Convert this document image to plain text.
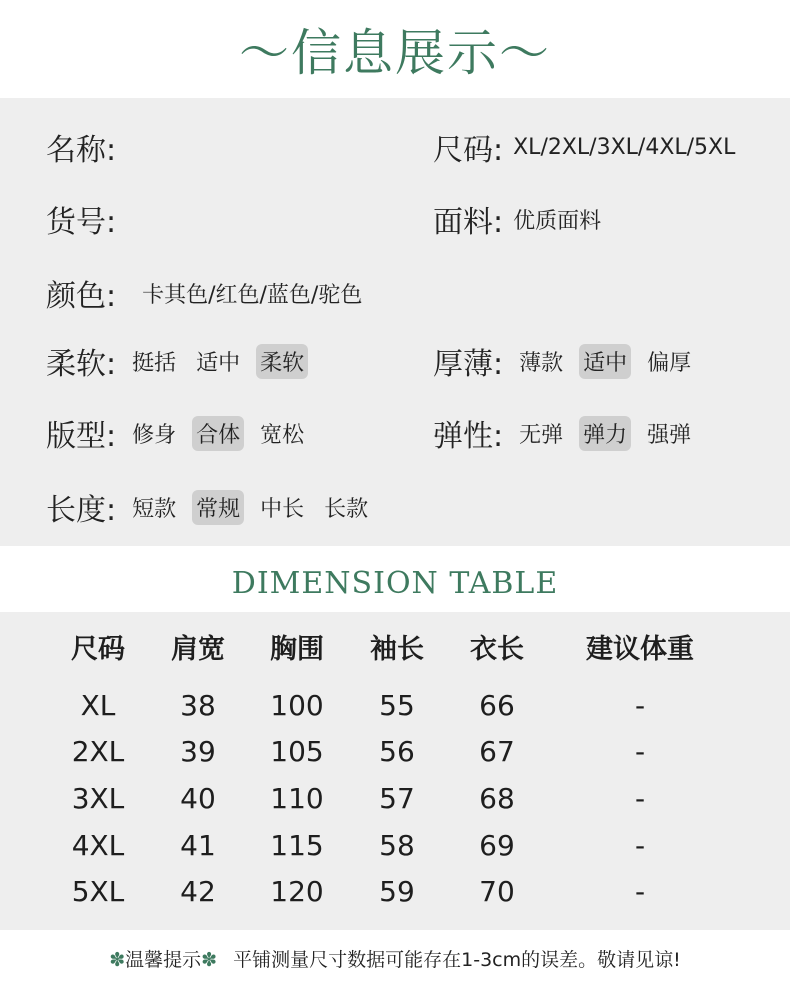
〜信息展示〜
名称:	尺码: XL/2XL/3XL/4XL/5XL
货号:	面料: 优质面料
颜色: 卡其色/红色/蓝色/驼色
柔软: 挺括 适中 柔软	厚薄: 薄款 适中 偏厚
版型: 修身 合体 宽松	弹性: 无弹 弹力 强弹
长度: 短款 常规 中长 长款
DIMENSION TABLE
尺码	肩宽	胸围	袖长	衣长	建议体重
XL	38	100	55	66	-
2XL	39	105	56	67	-
3XL	40	110	57	68	-
4XL	41	115	58	69	-
5XL	42	120	59	70	-
✽温馨提示✽ 平铺测量尺寸数据可能存在1-3cm的误差。敬请见谅!
